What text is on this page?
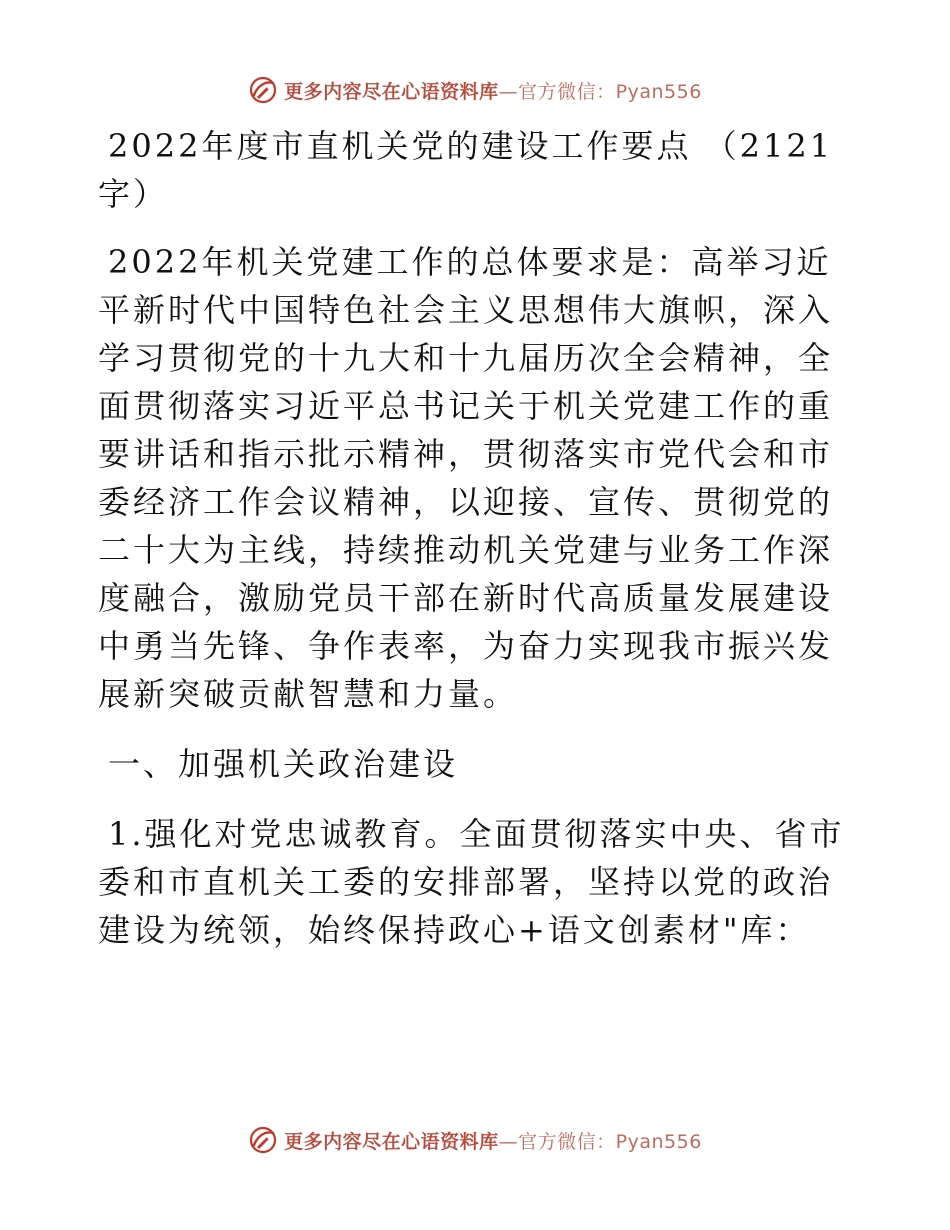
更多内容尽在心语资料库 —官方微信：Pyan556

2022年度市直机关党的建设工作要点 （2121字）

2022年机关党建工作的总体要求是：高举习近平新时代中国特色社会主义思想伟大旗帜，深入学习贯彻党的十九大和十九届历次全会精神，全面贯彻落实习近平总书记关于机关党建工作的重要讲话和指示批示精神，贯彻落实市党代会和市委经济工作会议精神，以迎接、宣传、贯彻党的二十大为主线，持续推动机关党建与业务工作深度融合，激励党员干部在新时代高质量发展建设中勇当先锋、争作表率，为奋力实现我市振兴发展新突破贡献智慧和力量。

一、加强机关政治建设

1.强化对党忠诚教育。全面贯彻落实中央、省市委和市直机关工委的安排部署，坚持以党的政治建设为统领，始终保持政心+语文创素材"库：

更多内容尽在心语资料库 —官方微信：Pyan556
